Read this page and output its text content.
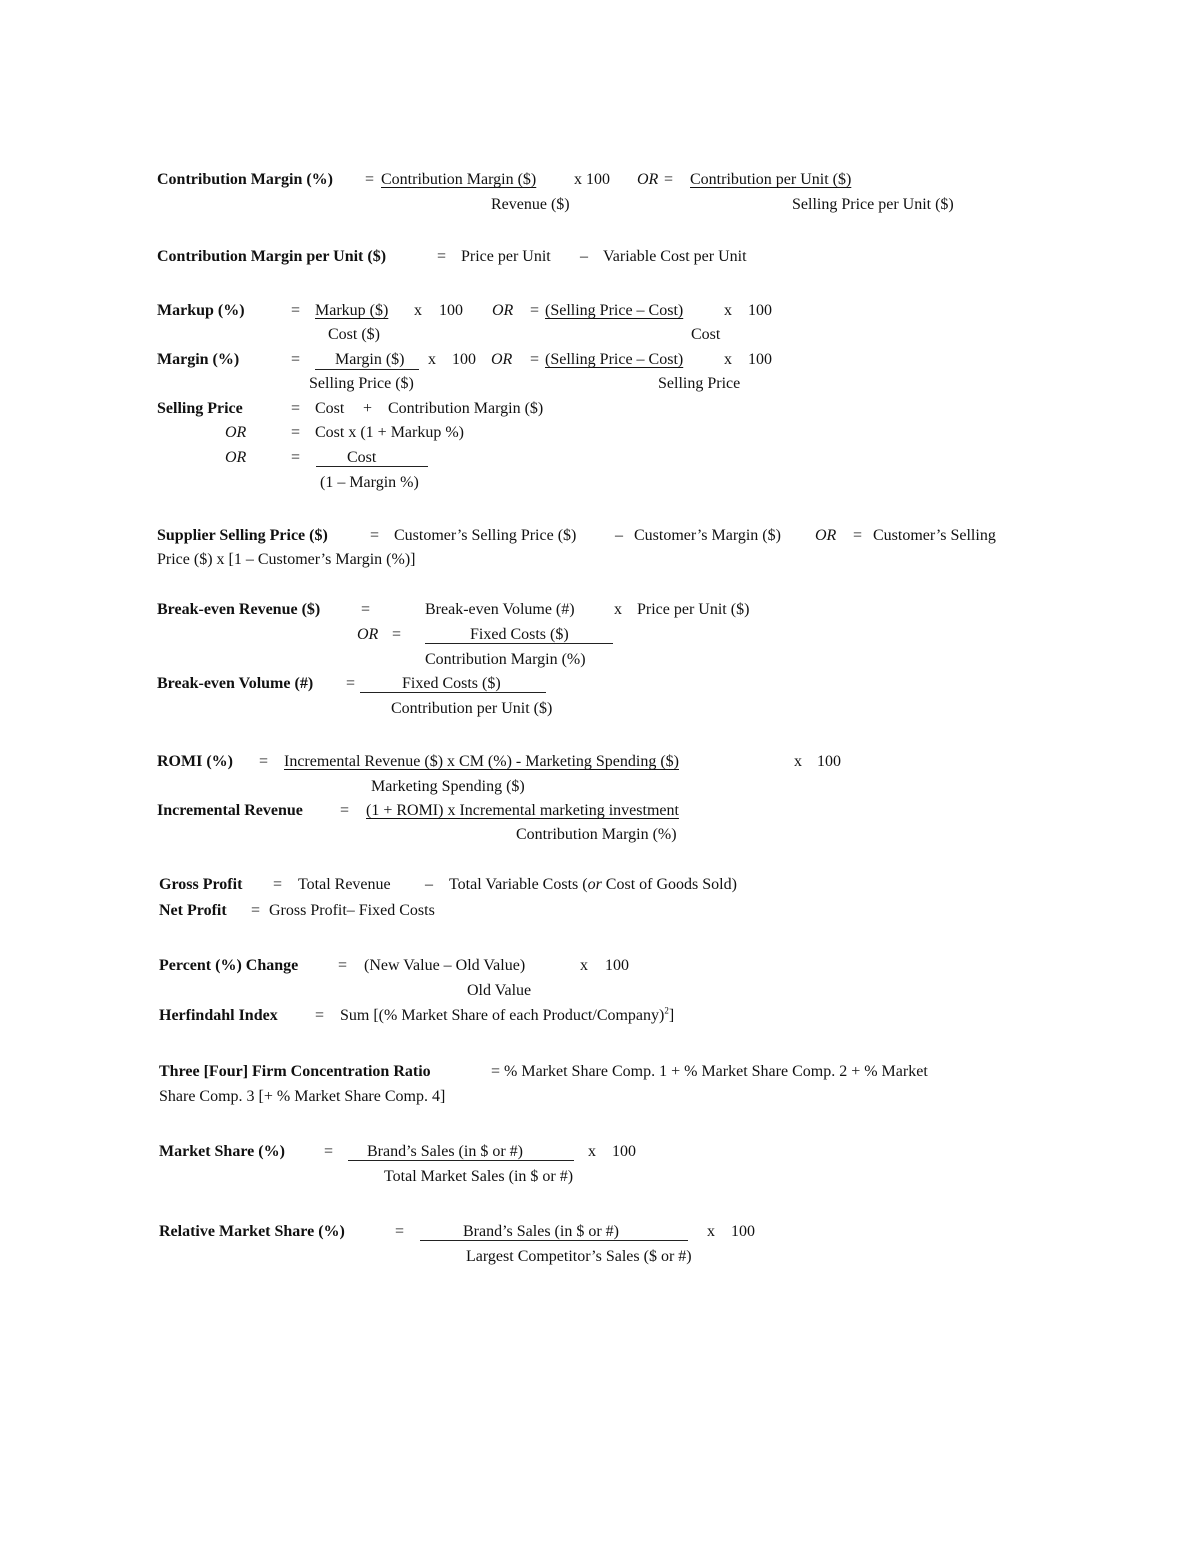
Contribution Margin (%) = Contribution Margin ($) x 100 OR = Contribution per Unit ($)
Revenue ($)	Selling Price per Unit ($)
Contribution Margin per Unit ($)	= Price per Unit – Variable Cost per Unit
Markup (%)	= Markup ($) x 100 OR = (Selling Price – Cost)	x 100
Cost ($)	Cost
Margin (%)	= Margin ($) x 100 OR = (Selling Price – Cost)	x 100
Selling Price ($)	Selling Price
Selling Price	= Cost + Contribution Margin ($)
OR	= Cost x (1 + Markup %)
OR	=	Cost
(1 – Margin %)
Supplier Selling Price ($)	= Customer’s Selling Price ($) – Customer’s Margin ($) OR = Customer’s Selling
Price ($) x [1 – Customer’s Margin (%)]
Break-even Revenue ($)	=	Break-even Volume (#) x Price per Unit ($)
OR =	Fixed Costs ($)
Contribution Margin (%)
Break-even Volume (#) =	Fixed Costs ($)
Contribution per Unit ($)
ROMI (%) = Incremental Revenue ($) x CM (%) - Marketing Spending ($)	x 100
Marketing Spending ($)
Incremental Revenue = (1 + ROMI) x Incremental marketing investment
Contribution Margin (%)
Gross Profit = Total Revenue – Total Variable Costs (or Cost of Goods Sold)
Net Profit = Gross Profit– Fixed Costs
Percent (%) Change = (New Value – Old Value)	x 100
Old Value
Herfindahl Index = Sum [(% Market Share of each Product/Company)$^2$]
Three [Four] Firm Concentration Ratio	= % Market Share Comp. 1 + % Market Share Comp. 2 + % Market
Share Comp. 3 [+ % Market Share Comp. 4]
Market Share (%) = Brand’s Sales (in $ or #)	x 100
Total Market Sales (in $ or #)
Relative Market Share (%)	=	Brand’s Sales (in $ or #)	x 100
Largest Competitor’s Sales ($ or #)
